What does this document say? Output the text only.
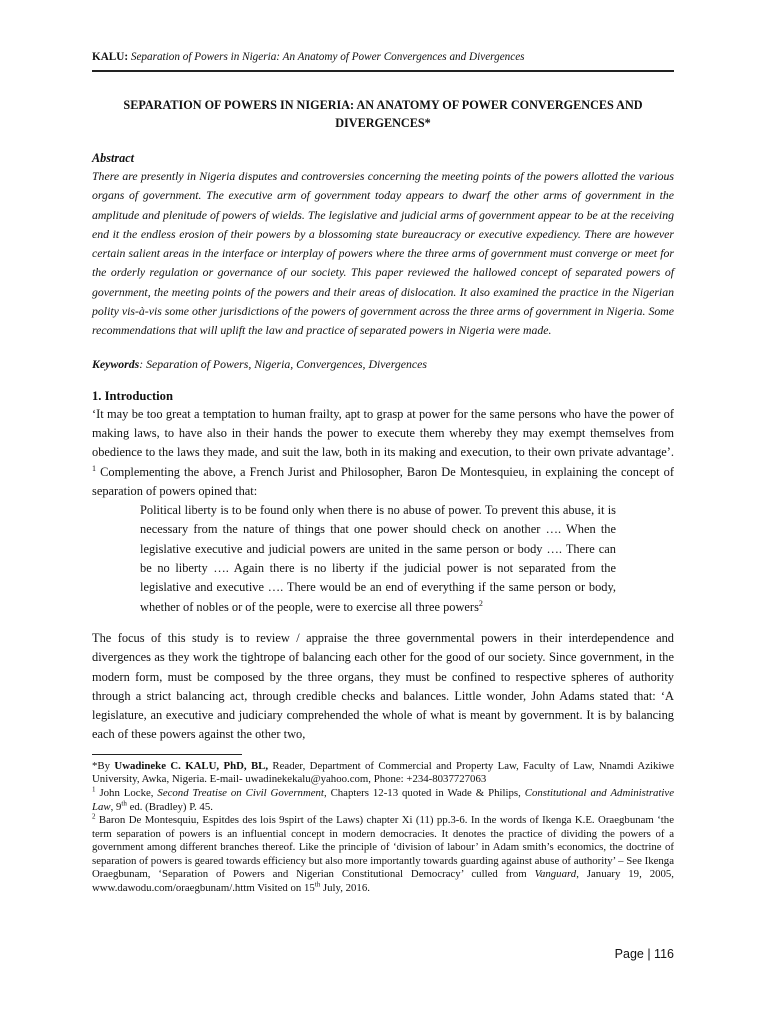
KALU: Separation of Powers in Nigeria: An Anatomy of Power Convergences and Divergences
SEPARATION OF POWERS IN NIGERIA: AN ANATOMY OF POWER CONVERGENCES AND DIVERGENCES*
Abstract
There are presently in Nigeria disputes and controversies concerning the meeting points of the powers allotted the various organs of government. The executive arm of government today appears to dwarf the other arms of government in the amplitude and plenitude of powers of wields. The legislative and judicial arms of government appear to be at the receiving end it the endless erosion of their powers by a blossoming state bureaucracy or executive expediency. There are however certain salient areas in the interface or interplay of powers where the three arms of government must converge or meet for the orderly regulation or governance of our society. This paper reviewed the hallowed concept of separated powers of government, the meeting points of the powers and their areas of dislocation. It also examined the practice in the Nigerian polity vis-à-vis some other jurisdictions of the powers of government across the three arms of government in Nigeria. Some recommendations that will uplift the law and practice of separated powers in Nigeria were made.
Keywords: Separation of Powers, Nigeria, Convergences, Divergences
1. Introduction
‘It may be too great a temptation to human frailty, apt to grasp at power for the same persons who have the power of making laws, to have also in their hands the power to execute them whereby they may exempt themselves from obedience to the laws they made, and suit the law, both in its making and execution, to their own private advantage’. $^1$ Complementing the above, a French Jurist and Philosopher, Baron De Montesquieu, in explaining the concept of separation of powers opined that:
Political liberty is to be found only when there is no abuse of power. To prevent this abuse, it is necessary from the nature of things that one power should check on another …. When the legislative executive and judicial powers are united in the same person or body …. There can be no liberty …. Again there is no liberty if the judicial power is not separated from the legislative and executive …. There would be an end of everything if the same person or body, whether of nobles or of the people, were to exercise all three powers$^2$
The focus of this study is to review / appraise the three governmental powers in their interdependence and divergences as they work the tightrope of balancing each other for the good of our society. Since government, in the modern form, must be composed by the three organs, they must be confined to respective spheres of authority through a strict balancing act, through credible checks and balances. Little wonder, John Adams stated that: ‘A legislature, an executive and judiciary comprehended the whole of what is meant by government. It is by balancing each of these powers against the other two,
*By Uwadineke C. KALU, PhD, BL, Reader, Department of Commercial and Property Law, Faculty of Law, Nnamdi Azikiwe University, Awka, Nigeria. E-mail- uwadinekekalu@yahoo.com, Phone: +234-8037727063
$^1$ John Locke, Second Treatise on Civil Government, Chapters 12-13 quoted in Wade & Philips, Constitutional and Administrative Law, 9th ed. (Bradley) P. 45.
$^2$ Baron De Montesquiu, Espitdes des lois 9spirt of the Laws) chapter Xi (11) pp.3-6. In the words of Ikenga K.E. Oraegbunam ‘the term separation of powers is an influential concept in modern democracies. It denotes the practice of dividing the powers of a government among different branches thereof. Like the principle of ‘division of labour’ in Adam smith’s economics, the doctrine of separation of powers is geared towards efficiency but also more importantly towards guarding against abuse of authority’ – See Ikenga Oraegbunam, ‘Separation of Powers and Nigerian Constitutional Democracy’ culled from Vanguard, January 19, 2005, www.dawodu.com/oraegbunam/.httm Visited on 15th July, 2016.
Page | 116
